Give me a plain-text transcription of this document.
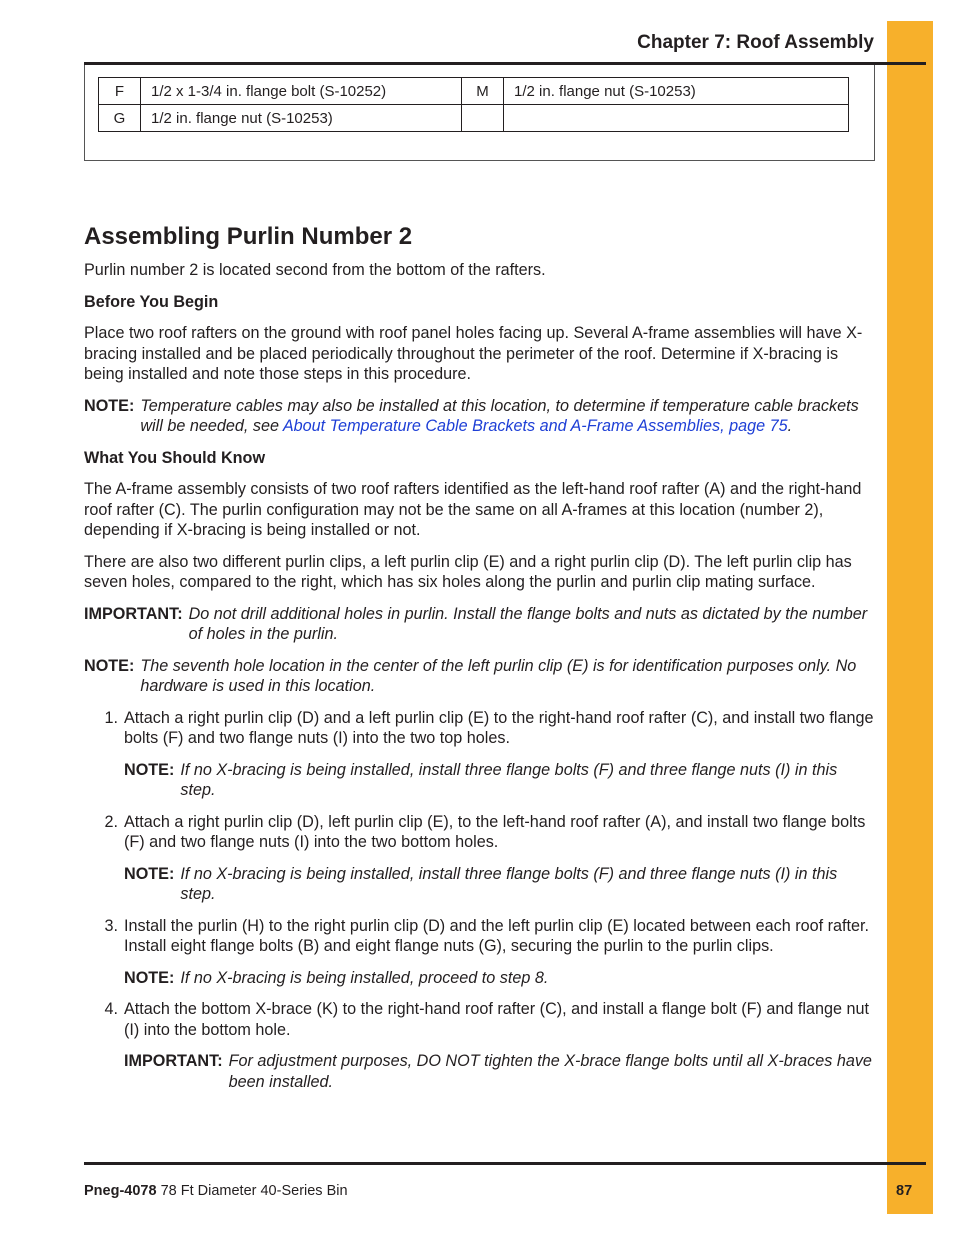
Chapter 7: Roof Assembly
F	1/2 x 1-3/4 in. flange bolt (S-10252)	M	1/2 in. flange nut (S-10253)
G	1/2 in. flange nut (S-10253)		
Assembling Purlin Number 2

Purlin number 2 is located second from the bottom of the rafters.

Before You Begin

Place two roof rafters on the ground with roof panel holes facing up. Several A-frame assemblies will have X-bracing installed and be placed periodically throughout the perimeter of the roof. Determine if X-bracing is being installed and note those steps in this procedure.

NOTE: Temperature cables may also be installed at this location, to determine if temperature cable brackets will be needed, see About Temperature Cable Brackets and A-Frame Assemblies, page 75.
What You Should Know

The A-frame assembly consists of two roof rafters identified as the left-hand roof rafter (A) and the right-hand roof rafter (C). The purlin configuration may not be the same on all A-frames at this location (number 2), depending if X-bracing is being installed or not.

There are also two different purlin clips, a left purlin clip (E) and a right purlin clip (D). The left purlin clip has seven holes, compared to the right, which has six holes along the purlin and purlin clip mating surface.

IMPORTANT: Do not drill additional holes in purlin. Install the flange bolts and nuts as dictated by the number of holes in the purlin.
NOTE: The seventh hole location in the center of the left purlin clip (E) is for identification purposes only. No hardware is used in this location.
1. Attach a right purlin clip (D) and a left purlin clip (E) to the right-hand roof rafter (C), and install two flange bolts (F) and two flange nuts (I) into the two top holes.

NOTE: If no X-bracing is being installed, install three flange bolts (F) and three flange nuts (I) in this step.
2. Attach a right purlin clip (D), left purlin clip (E), to the left-hand roof rafter (A), and install two flange bolts (F) and two flange nuts (I) into the two bottom holes.

NOTE: If no X-bracing is being installed, install three flange bolts (F) and three flange nuts (I) in this step.
3. Install the purlin (H) to the right purlin clip (D) and the left purlin clip (E) located between each roof rafter. Install eight flange bolts (B) and eight flange nuts (G), securing the purlin to the purlin clips.

NOTE: If no X-bracing is being installed, proceed to step 8.
4. Attach the bottom X-brace (K) to the right-hand roof rafter (C), and install a flange bolt (F) and flange nut (I) into the bottom hole.

IMPORTANT: For adjustment purposes, DO NOT tighten the X-brace flange bolts until all X-braces have been installed.
Pneg-4078 78 Ft Diameter 40-Series Bin	87
